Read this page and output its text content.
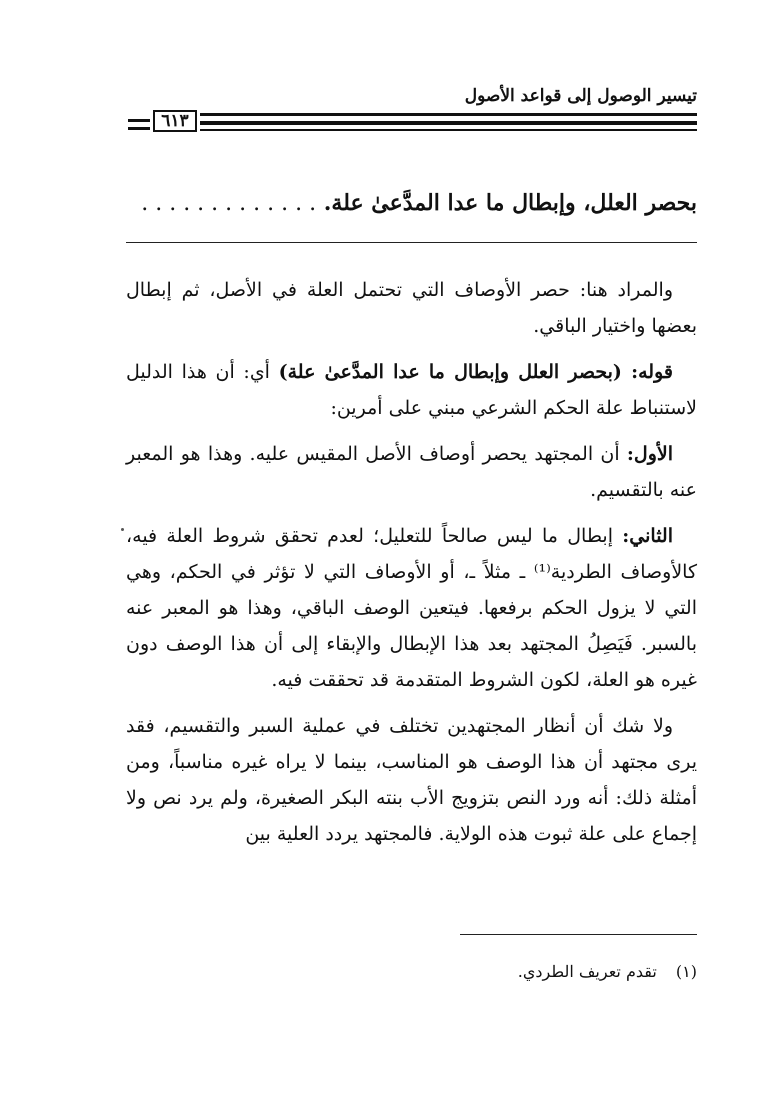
تيسير الوصول إلى قواعد الأصول
٦١٣
بحصر العلل، وإبطال ما عدا المدَّعىٰ علة. . . . . . . . . . . . . .

والمراد هنا: حصر الأوصاف التي تحتمل العلة في الأصل، ثم إبطال بعضها واختيار الباقي.

قوله: (بحصر العلل وإبطال ما عدا المدَّعىٰ علة) أي: أن هذا الدليل لاستنباط علة الحكم الشرعي مبني على أمرين:

الأول: أن المجتهد يحصر أوصاف الأصل المقيس عليه. وهذا هو المعبر عنه بالتقسيم.

الثاني: إبطال ما ليس صالحاً للتعليل؛ لعدم تحقق شروط العلة فيه، كالأوصاف الطردية⁽¹⁾ ـ مثلاً ـ، أو الأوصاف التي لا تؤثر في الحكم، وهي التي لا يزول الحكم برفعها. فيتعين الوصف الباقي، وهذا هو المعبر عنه بالسبر. فَيَصِلُ المجتهد بعد هذا الإبطال والإبقاء إلى أن هذا الوصف دون غيره هو العلة، لكون الشروط المتقدمة قد تحققت فيه.

ولا شك أن أنظار المجتهدين تختلف في عملية السبر والتقسيم، فقد يرى مجتهد أن هذا الوصف هو المناسب، بينما لا يراه غيره مناسباً، ومن أمثلة ذلك: أنه ورد النص بتزويج الأب بنته البكر الصغيرة، ولم يرد نص ولا إجماع على علة ثبوت هذه الولاية. فالمجتهد يردد العلية بين

(١) تقدم تعريف الطردي.
